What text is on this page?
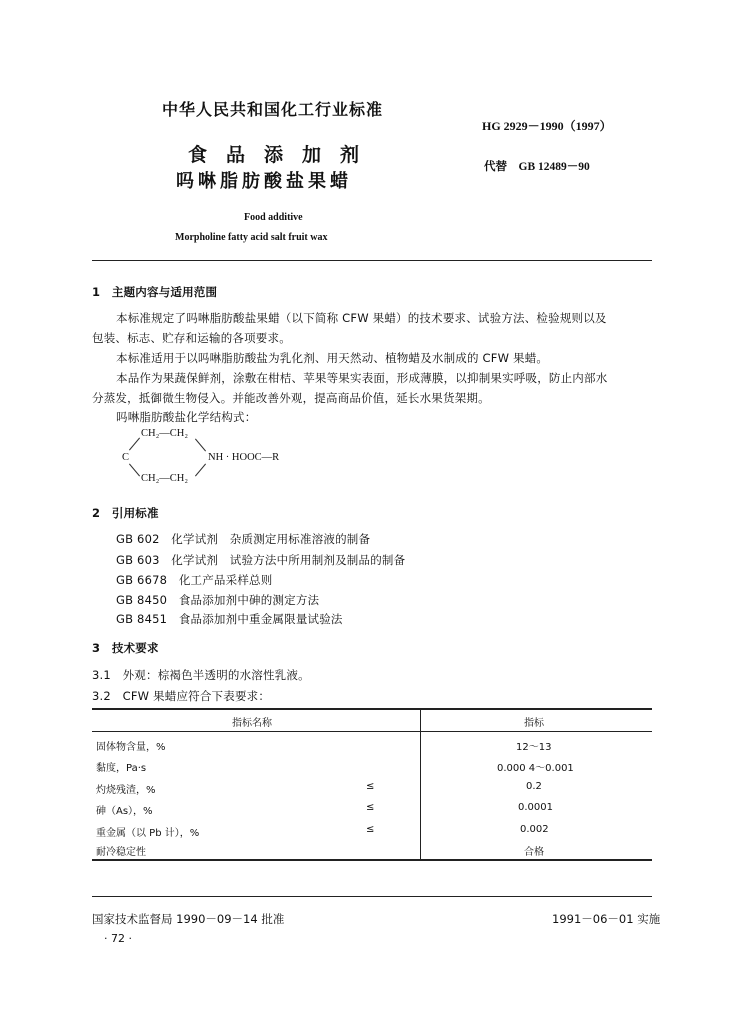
中华人民共和国化工行业标准
HG 2929－1990（1997）
食　品　添　加　剂
吗啉脂肪酸盐果蜡
代替　GB 12489－90
Food additive
Morpholine fatty acid salt fruit wax
1　主题内容与适用范围
本标准规定了吗啉脂肪酸盐果蜡（以下简称 CFW 果蜡）的技术要求、试验方法、检验规则以及
包装、标志、贮存和运输的各项要求。
本标准适用于以吗啉脂肪酸盐为乳化剂、用天然动、植物蜡及水制成的 CFW 果蜡。
本品作为果蔬保鲜剂，涂敷在柑桔、苹果等果实表面，形成薄膜，以抑制果实呼吸，防止内部水
分蒸发，抵御微生物侵入。并能改善外观，提高商品价值，延长水果货架期。
吗啉脂肪酸盐化学结构式：
CH₂—CH₂
C	NH · HOOC—R
CH₂—CH₂
2　引用标准
GB 602　化学试剂　杂质测定用标准溶液的制备
GB 603　化学试剂　试验方法中所用制剂及制品的制备
GB 6678　化工产品采样总则
GB 8450　食品添加剂中砷的测定方法
GB 8451　食品添加剂中重金属限量试验法
3　技术要求
3.1　外观：棕褐色半透明的水溶性乳液。
3.2　CFW 果蜡应符合下表要求：
指标名称	指标
固体物含量，%	12～13
黏度，Pa·s	0.000 4～0.001
灼烧残渣，%	≤	0.2
砷（As），%	≤	0.0001
重金属（以 Pb 计），%	≤	0.002
耐冷稳定性	合格
国家技术监督局 1990－09－14 批准	1991－06－01 实施
· 72 ·
